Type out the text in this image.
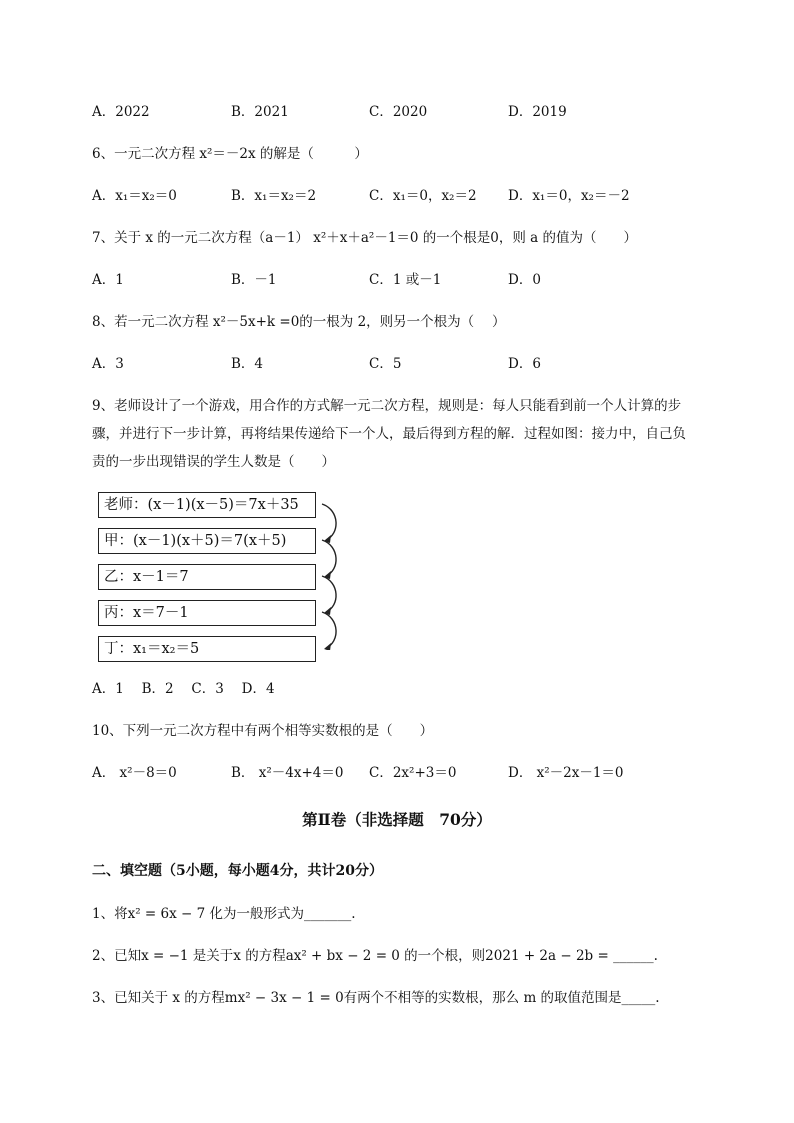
A．2022	B．2021	C．2020	D．2019
6、一元二次方程 x²＝－2x 的解是（　　　）
A．x₁＝x₂＝0	B．x₁＝x₂＝2	C．x₁＝0，x₂＝2 D．x₁＝0，x₂＝－2
7、关于 x 的一元二次方程（a－1） x²＋x＋a²－1＝0 的一个根是0，则 a 的值为（　　）
A．1	B．－1	C．1 或－1	D．0
8、若一元二次方程 x²－5x+k =0的一根为 2，则另一个根为（　 ）
A．3	B．4	C．5	D．6
9、老师设计了一个游戏，用合作的方式解一元二次方程，规则是：每人只能看到前一个人计算的步
骤，并进行下一步计算，再将结果传递给下一个人，最后得到方程的解．过程如图：接力中，自己负
责的一步出现错误的学生人数是（　　）
老师：(x－1)(x－5)＝7x＋35
甲：(x－1)(x＋5)＝7(x＋5)
乙：x－1＝7
丙：x＝7－1
丁：x₁＝x₂＝5
A．1　 B．2　 C．3　 D．4
10、下列一元二次方程中有两个相等实数根的是（　　）
A． x²－8＝0	B． x²－4x+4＝0 C．2x²+3＝0	D． x²－2x－1＝0
第Ⅱ卷（非选择题　70分）
二、填空题（5小题，每小题4分，共计20分）
1、将x² = 6x − 7 化为一般形式为_______.
2、已知x = −1 是关于x 的方程ax² + bx − 2 = 0 的一个根，则2021 + 2a − 2b = ______.
3、已知关于 x 的方程mx² − 3x − 1 = 0有两个不相等的实数根，那么 m 的取值范围是_____.
